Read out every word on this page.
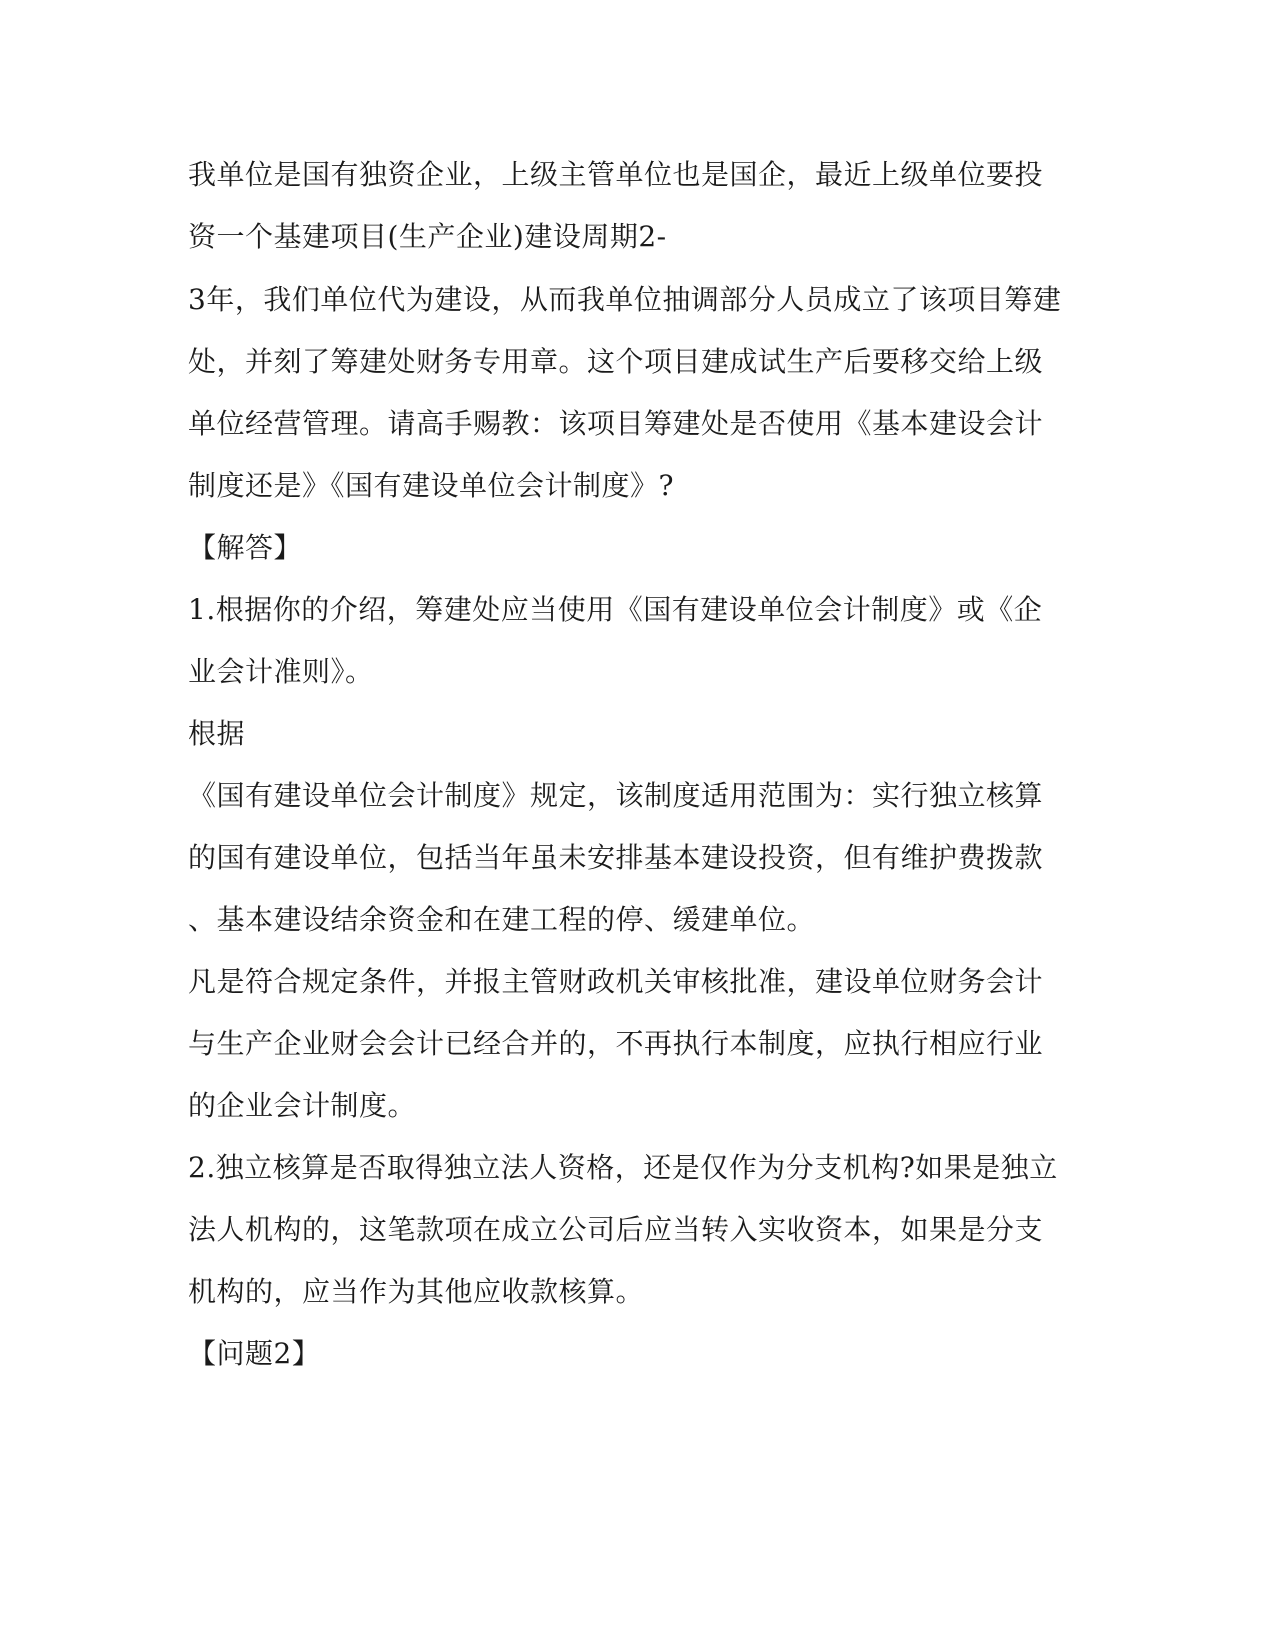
我单位是国有独资企业，上级主管单位也是国企，最近上级单位要投
资一个基建项目(生产企业)建设周期2-
3年，我们单位代为建设，从而我单位抽调部分人员成立了该项目筹建
处，并刻了筹建处财务专用章。这个项目建成试生产后要移交给上级
单位经营管理。请高手赐教：该项目筹建处是否使用《基本建设会计
制度还是》《国有建设单位会计制度》?
【解答】
1.根据你的介绍，筹建处应当使用《国有建设单位会计制度》或《企
业会计准则》。
根据
《国有建设单位会计制度》规定，该制度适用范围为：实行独立核算
的国有建设单位，包括当年虽未安排基本建设投资，但有维护费拨款
、基本建设结余资金和在建工程的停、缓建单位。
凡是符合规定条件，并报主管财政机关审核批准，建设单位财务会计
与生产企业财会会计已经合并的，不再执行本制度，应执行相应行业
的企业会计制度。
2.独立核算是否取得独立法人资格，还是仅作为分支机构?如果是独立
法人机构的，这笔款项在成立公司后应当转入实收资本，如果是分支
机构的，应当作为其他应收款核算。
【问题2】
